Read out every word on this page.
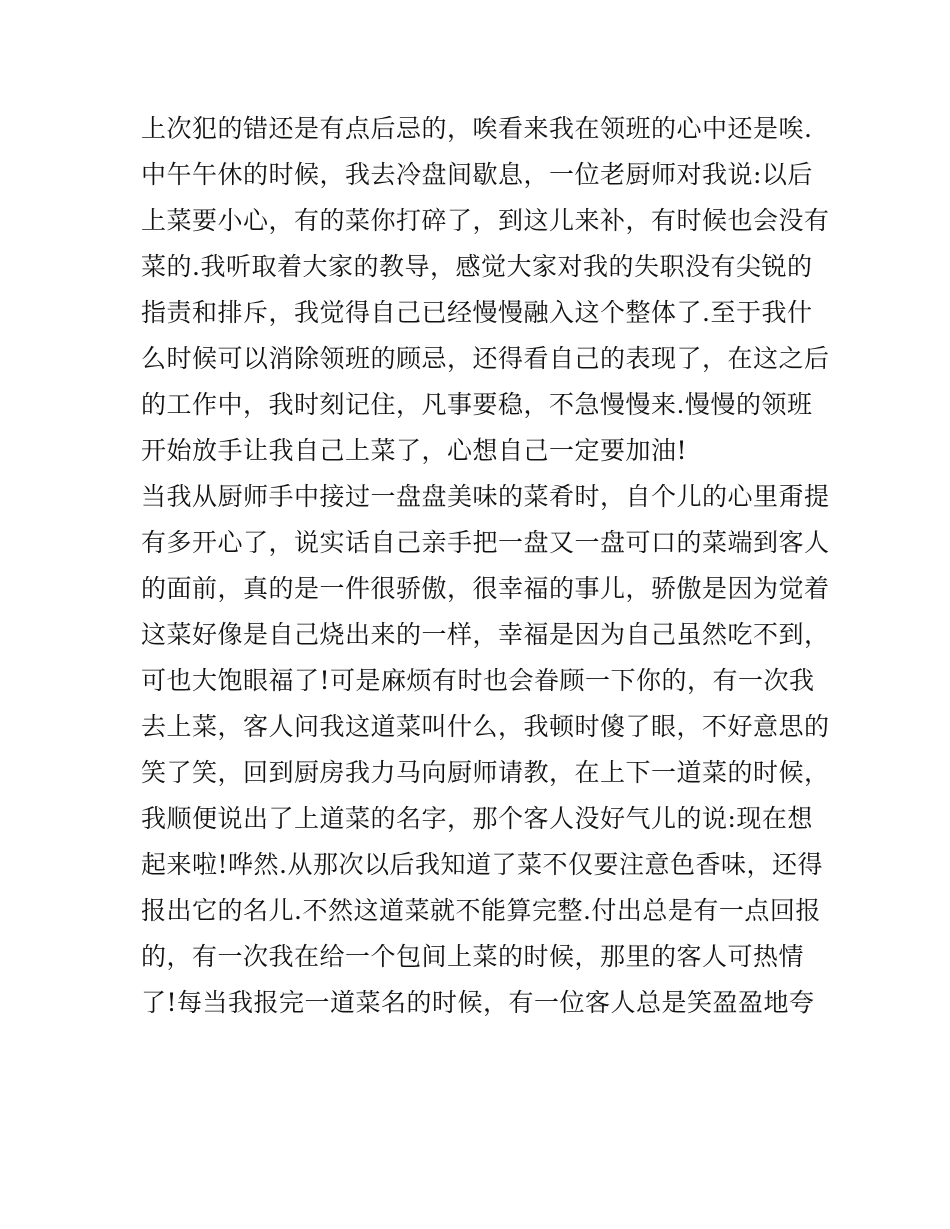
上次犯的错还是有点后忌的，唉看来我在领班的心中还是唉.
中午午休的时候，我去冷盘间歇息，一位老厨师对我说:以后
上菜要小心，有的菜你打碎了，到这儿来补，有时候也会没有
菜的.我听取着大家的教导，感觉大家对我的失职没有尖锐的
指责和排斥，我觉得自己已经慢慢融入这个整体了.至于我什
么时候可以消除领班的顾忌，还得看自己的表现了，在这之后
的工作中，我时刻记住，凡事要稳，不急慢慢来.慢慢的领班
开始放手让我自己上菜了，心想自己一定要加油!
当我从厨师手中接过一盘盘美味的菜肴时，自个儿的心里甭提
有多开心了，说实话自己亲手把一盘又一盘可口的菜端到客人
的面前，真的是一件很骄傲，很幸福的事儿，骄傲是因为觉着
这菜好像是自己烧出来的一样，幸福是因为自己虽然吃不到，
可也大饱眼福了!可是麻烦有时也会眷顾一下你的，有一次我
去上菜，客人问我这道菜叫什么，我顿时傻了眼，不好意思的
笑了笑，回到厨房我力马向厨师请教，在上下一道菜的时候，
我顺便说出了上道菜的名字，那个客人没好气儿的说:现在想
起来啦!哗然.从那次以后我知道了菜不仅要注意色香味，还得
报出它的名儿.不然这道菜就不能算完整.付出总是有一点回报
的，有一次我在给一个包间上菜的时候，那里的客人可热情
了!每当我报完一道菜名的时候，有一位客人总是笑盈盈地夸
